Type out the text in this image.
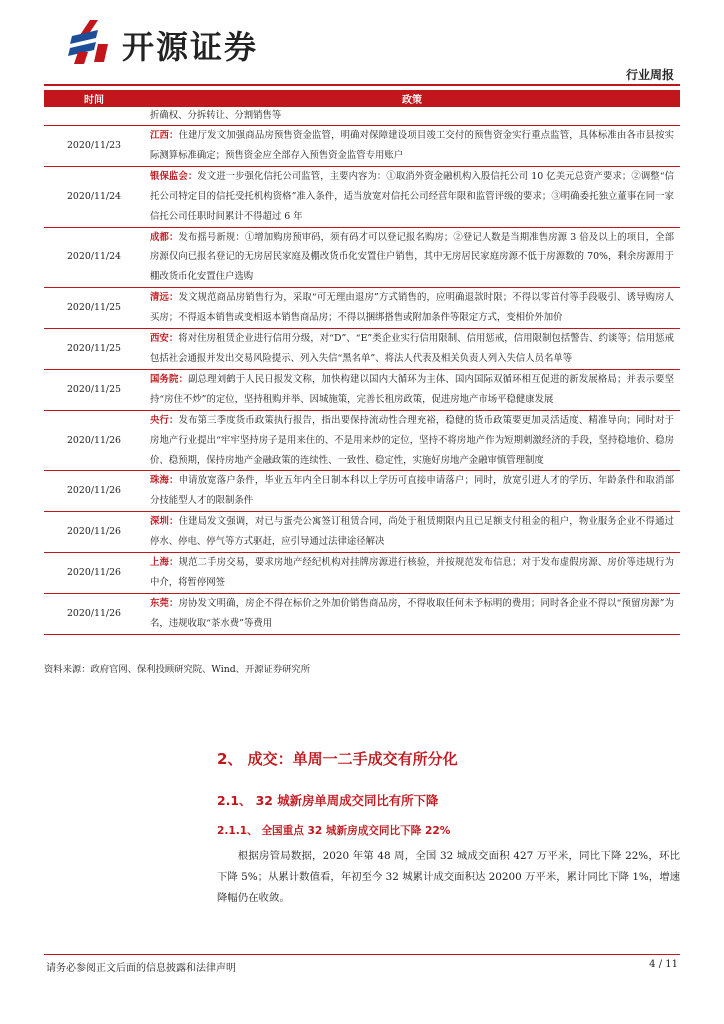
开源证券
行业周报
时间	政策
	折确权、分拆转让、分割销售等
2020/11/23	江西：住建厅发文加强商品房预售资金监管，明确对保障建设项目竣工交付的预售资金实行重点监管，具体标准由各市县按实际测算标准确定；预售资金应全部存入预售资金监管专用账户
2020/11/24	银保监会：发文进一步强化信托公司监管，主要内容为：①取消外资金融机构入股信托公司 10 亿美元总资产要求；②调整“信托公司特定目的信托受托机构资格”准入条件，适当放宽对信托公司经营年限和监管评级的要求；③明确委托独立董事在同一家信托公司任职时间累计不得超过 6 年
2020/11/24	成都：发布摇号新规：①增加购房预审码，须有码才可以登记报名购房；②登记人数是当期准售房源 3 倍及以上的项目，全部房源仅向已报名登记的无房居民家庭及棚改货币化安置住户销售，其中无房居民家庭房源不低于房源数的 70%，剩余房源用于棚改货币化安置住户选购
2020/11/25	清远：发文规范商品房销售行为，采取“可无理由退房”方式销售的，应明确退款时限；不得以零首付等手段吸引、诱导购房人买房；不得返本销售或变相返本销售商品房；不得以捆绑搭售或附加条件等限定方式，变相价外加价
2020/11/25	西安：将对住房租赁企业进行信用分级，对“D”、“E”类企业实行信用限制、信用惩戒，信用限制包括警告、约谈等；信用惩戒包括社会通报并发出交易风险提示、列入失信“黑名单”、将法人代表及相关负责人列入失信人员名单等
2020/11/25	国务院：副总理刘鹤于人民日报发文称，加快构建以国内大循环为主体、国内国际双循环相互促进的新发展格局；并表示要坚持“房住不炒”的定位，坚持租购并举、因城施策，完善长租房政策，促进房地产市场平稳健康发展
2020/11/26	央行：发布第三季度货币政策执行报告，指出要保持流动性合理充裕，稳健的货币政策要更加灵活适度、精准导向；同时对于房地产行业提出“牢牢坚持房子是用来住的、不是用来炒的定位，坚持不将房地产作为短期刺激经济的手段，坚持稳地价、稳房价、稳预期，保持房地产金融政策的连续性、一致性、稳定性，实施好房地产金融审慎管理制度
2020/11/26	珠海：申请放宽落户条件，毕业五年内全日制本科以上学历可直接申请落户；同时，放宽引进人才的学历、年龄条件和取消部分技能型人才的限制条件
2020/11/26	深圳：住建局发文强调，对已与蛋壳公寓签订租赁合同，尚处于租赁期限内且已足额支付租金的租户，物业服务企业不得通过停水、停电、停气等方式驱赶，应引导通过法律途径解决
2020/11/26	上海：规范二手房交易，要求房地产经纪机构对挂牌房源进行核验，并按规范发布信息；对于发布虚假房源、房价等违规行为中介，将暂停网签
2020/11/26	东莞：房协发文明确，房企不得在标价之外加价销售商品房，不得收取任何未予标明的费用；同时各企业不得以“预留房源”为名，违规收取“茶水费”等费用
资料来源：政府官网、保利投顾研究院、Wind、开源证券研究所
2、 成交：单周一二手成交有所分化
2.1、 32 城新房单周成交同比有所下降
2.1.1、 全国重点 32 城新房成交同比下降 22%

根据房管局数据，2020 年第 48 周，全国 32 城成交面积 427 万平米，同比下降 22%，环比下降 5%；从累计数值看，年初至今 32 城累计成交面积达 20200 万平米，累计同比下降 1%，增速降幅仍在收敛。

请务必参阅正文后面的信息披露和法律声明	4 / 11
